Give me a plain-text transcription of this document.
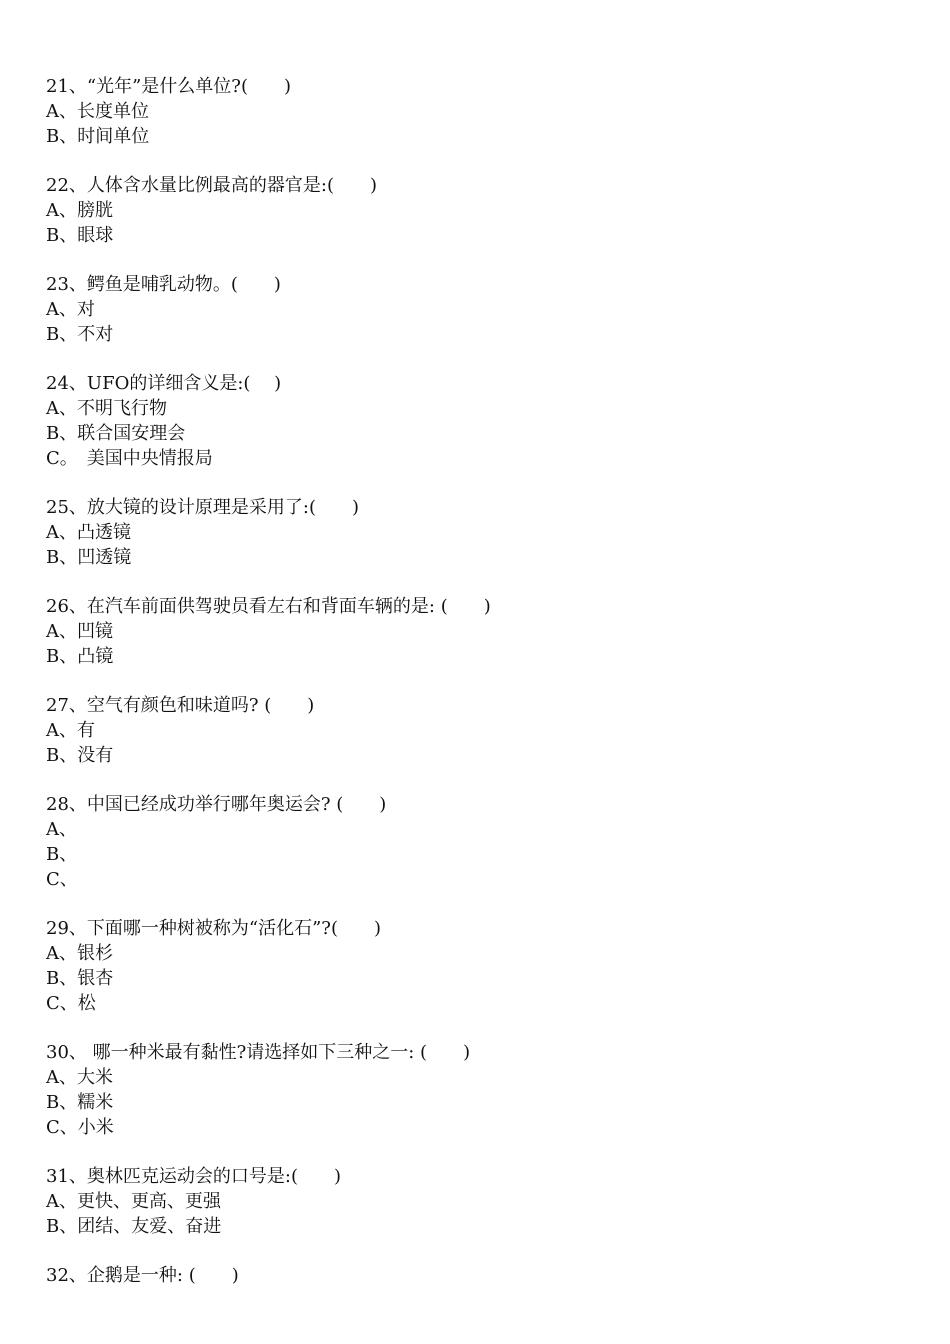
21、“光年”是什么单位?(　　)
A、长度单位
B、时间单位
22、人体含水量比例最高的器官是:(　　)
A、膀胱
B、眼球
23、鳄鱼是哺乳动物。(　　)
A、对
B、不对
24、UFO的详细含义是:(　 )
A、不明飞行物
B、联合国安理会
C。　美国中央情报局
25、放大镜的设计原理是采用了:(　　)
A、凸透镜
B、凹透镜
26、在汽车前面供驾驶员看左右和背面车辆的是: (　　)
A、凹镜
B、凸镜
27、空气有颜色和味道吗? (　　)
A、有
B、没有
28、中国已经成功举行哪年奥运会? (　　)
A、
B、
C、
29、下面哪一种树被称为“活化石”?(　　)
A、银杉
B、银杏
C、松
30、 哪一种米最有黏性?请选择如下三种之一: (　　)
A、大米
B、糯米
C、小米
31、奥林匹克运动会的口号是:(　　)
A、更快、更高、更强
B、团结、友爱、奋进
32、企鹅是一种: (　　)
